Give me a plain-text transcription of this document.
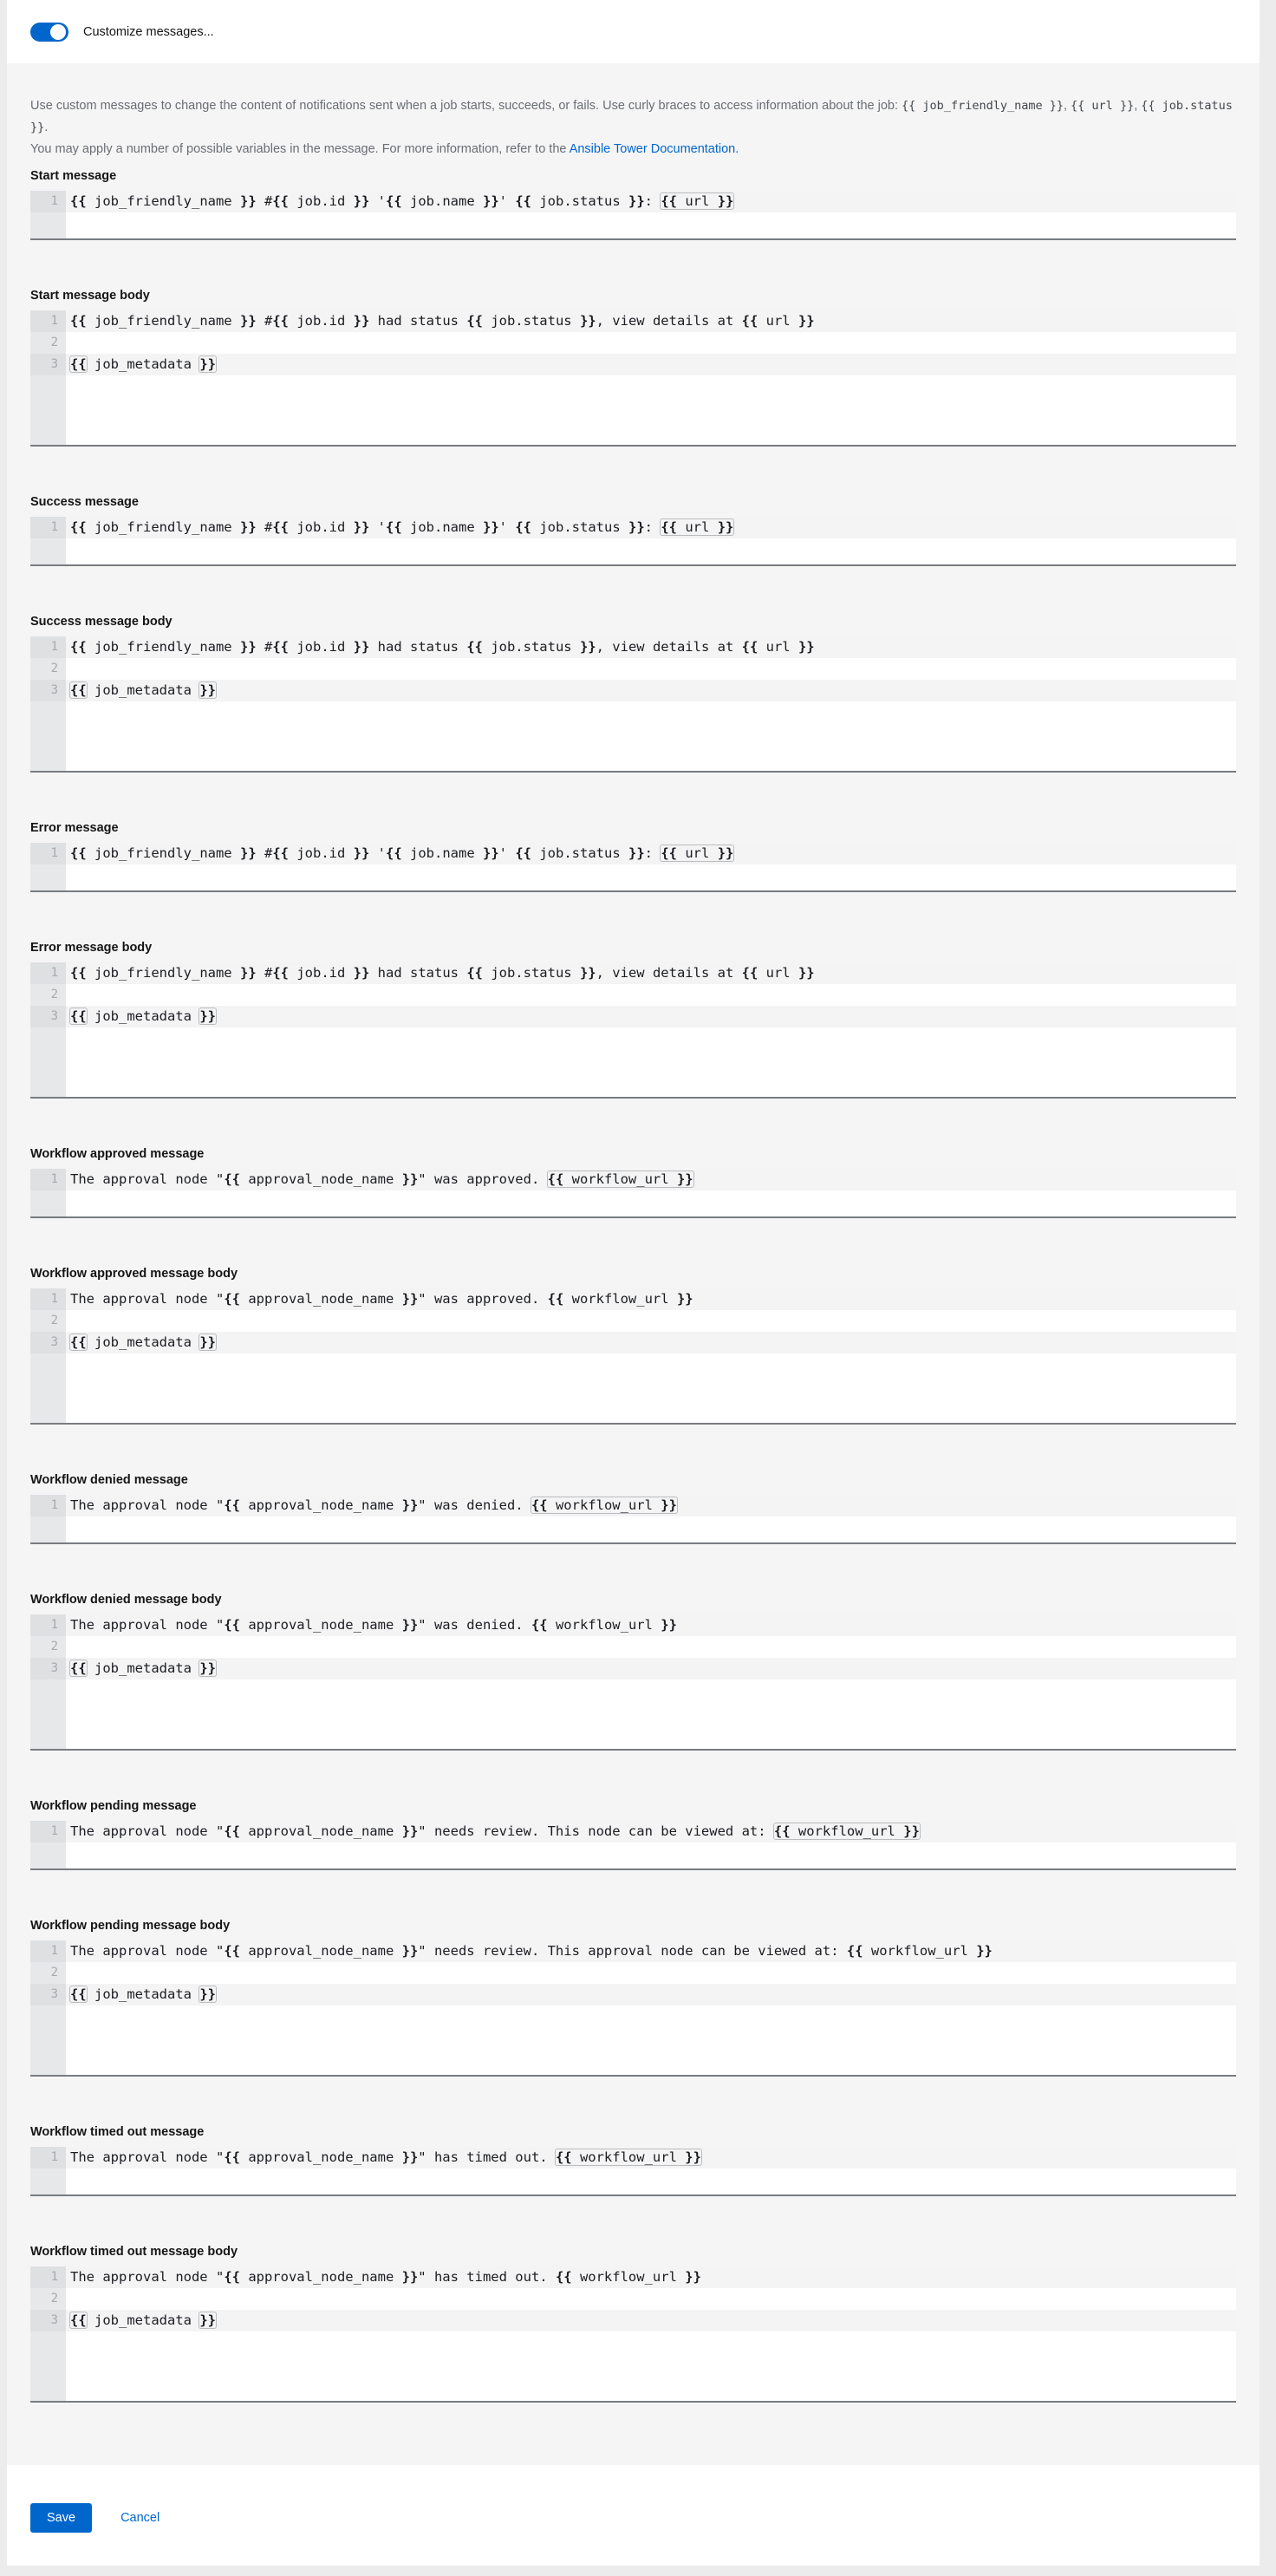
Customize messages...
Use custom messages to change the content of notifications sent when a job starts, succeeds, or fails. Use curly braces to access information about the job: {{ job_friendly_name }}, {{ url }}, {{ job.status }}.
You may apply a number of possible variables in the message. For more information, refer to the Ansible Tower Documentation.
Start message
1 {{ job_friendly_name }} #{{ job.id }} '{{ job.name }}' {{ job.status }}: {{ url }}
Start message body
1
2
3
{{ job_friendly_name }} #{{ job.id }} had status {{ job.status }}, view details at {{ url }}
{{ job_metadata }}
Success message
1 {{ job_friendly_name }} #{{ job.id }} '{{ job.name }}' {{ job.status }}: {{ url }}
Success message body
1
2
3
{{ job_friendly_name }} #{{ job.id }} had status {{ job.status }}, view details at {{ url }}
{{ job_metadata }}
Error message
1 {{ job_friendly_name }} #{{ job.id }} '{{ job.name }}' {{ job.status }}: {{ url }}
Error message body
1
2
3
{{ job_friendly_name }} #{{ job.id }} had status {{ job.status }}, view details at {{ url }}
{{ job_metadata }}
Workflow approved message
1 The approval node "{{ approval_node_name }}" was approved. {{ workflow_url }}
Workflow approved message body
1
2
3
The approval node "{{ approval_node_name }}" was approved. {{ workflow_url }}
{{ job_metadata }}
Workflow denied message
1 The approval node "{{ approval_node_name }}" was denied. {{ workflow_url }}
Workflow denied message body
1
2
3
The approval node "{{ approval_node_name }}" was denied. {{ workflow_url }}
{{ job_metadata }}
Workflow pending message
1 The approval node "{{ approval_node_name }}" needs review. This node can be viewed at: {{ workflow_url }}
Workflow pending message body
1
2
3
The approval node "{{ approval_node_name }}" needs review. This approval node can be viewed at: {{ workflow_url }}
{{ job_metadata }}
Workflow timed out message
1 The approval node "{{ approval_node_name }}" has timed out. {{ workflow_url }}
Workflow timed out message body
1
2
3
The approval node "{{ approval_node_name }}" has timed out. {{ workflow_url }}
{{ job_metadata }}
Save	Cancel
